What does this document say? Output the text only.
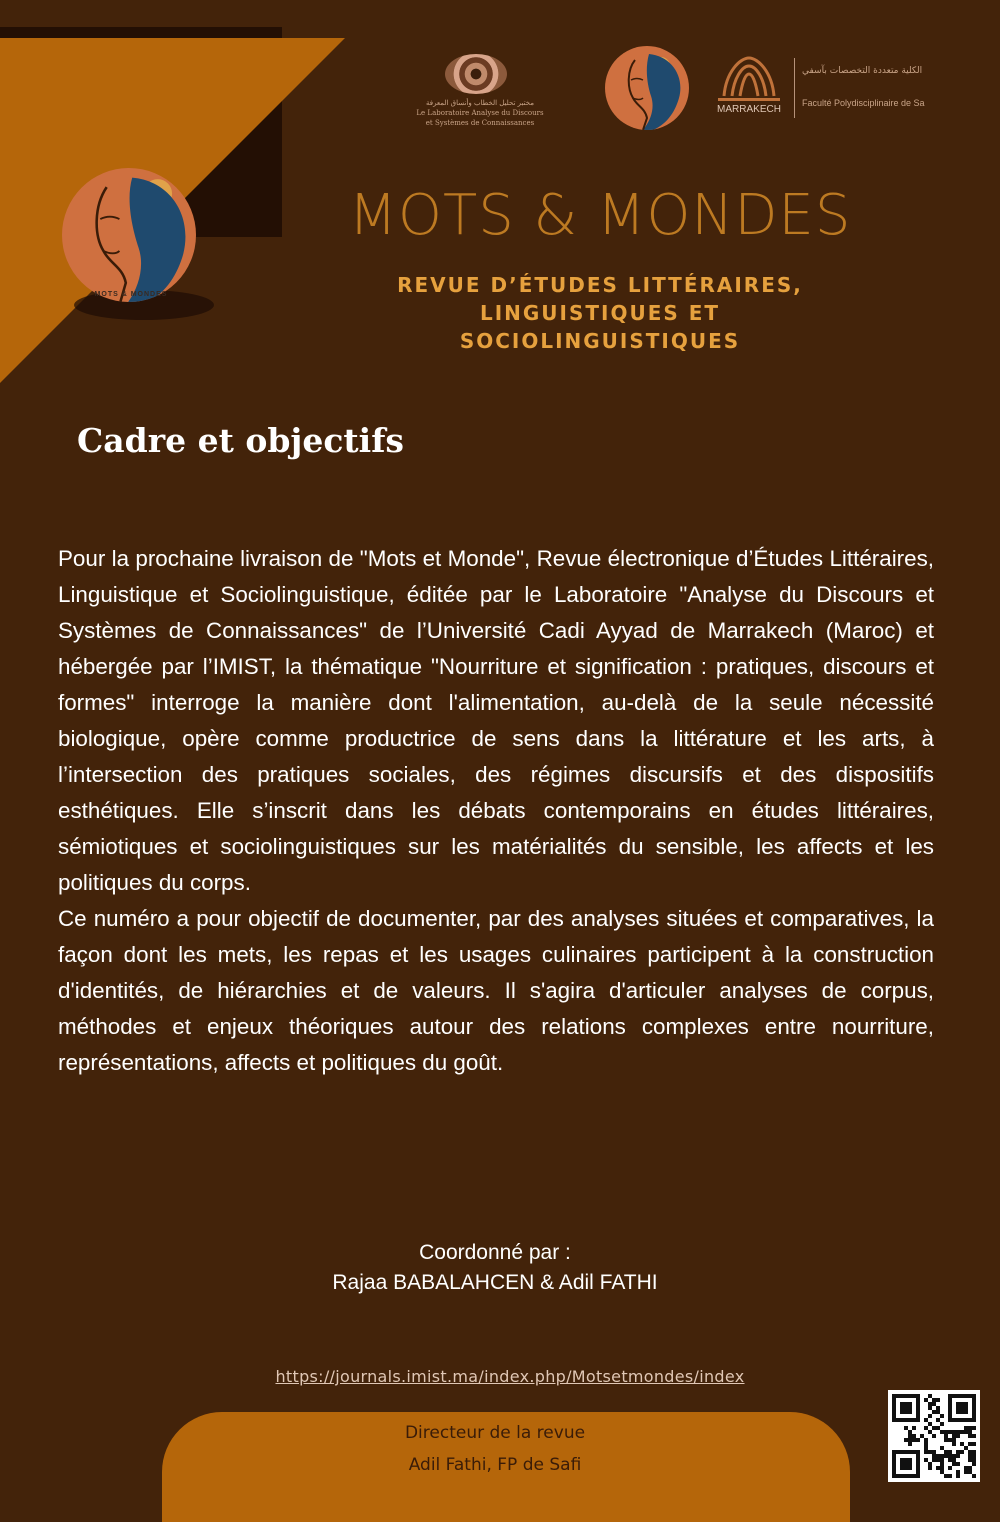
مختبر تحليل الخطاب وأنساق المعرفة
Le Laboratoire Analyse du Discours
et Systèmes de Connaissances
MARRAKECH
الكلية متعددة التخصصات بآسفي
Faculté Polydisciplinaire de Sa
MOTS & MONDES
MOTS & MONDES
REVUE D’ÉTUDES LITTÉRAIRES,
LINGUISTIQUES ET
SOCIOLINGUISTIQUES
Cadre et objectifs

Pour la prochaine livraison de "Mots et Monde", Revue électronique d’Études Littéraires, Linguistique et Sociolinguistique, éditée par le Laboratoire "Analyse du Discours et Systèmes de Connaissances" de l’Université Cadi Ayyad de Marrakech (Maroc) et hébergée par l’IMIST, la thématique "Nourriture et signification : pratiques, discours et formes" interroge la manière dont l'alimentation, au-delà de la seule nécessité biologique, opère comme productrice de sens dans la littérature et les arts, à l’intersection des pratiques sociales, des régimes discursifs et des dispositifs esthétiques. Elle s’inscrit dans les débats contemporains en études littéraires, sémiotiques et sociolinguistiques sur les matérialités du sensible, les affects et les politiques du corps.

Ce numéro a pour objectif de documenter, par des analyses situées et comparatives, la façon dont les mets, les repas et les usages culinaires participent à la construction d'identités, de hiérarchies et de valeurs. Il s'agira d'articuler analyses de corpus, méthodes et enjeux théoriques autour des relations complexes entre nourriture, représentations, affects et politiques du goût.

Coordonné par :
Rajaa BABALAHCEN & Adil FATHI
https://journals.imist.ma/index.php/Motsetmondes/index
Directeur de la revue
Adil Fathi, FP de Safi
